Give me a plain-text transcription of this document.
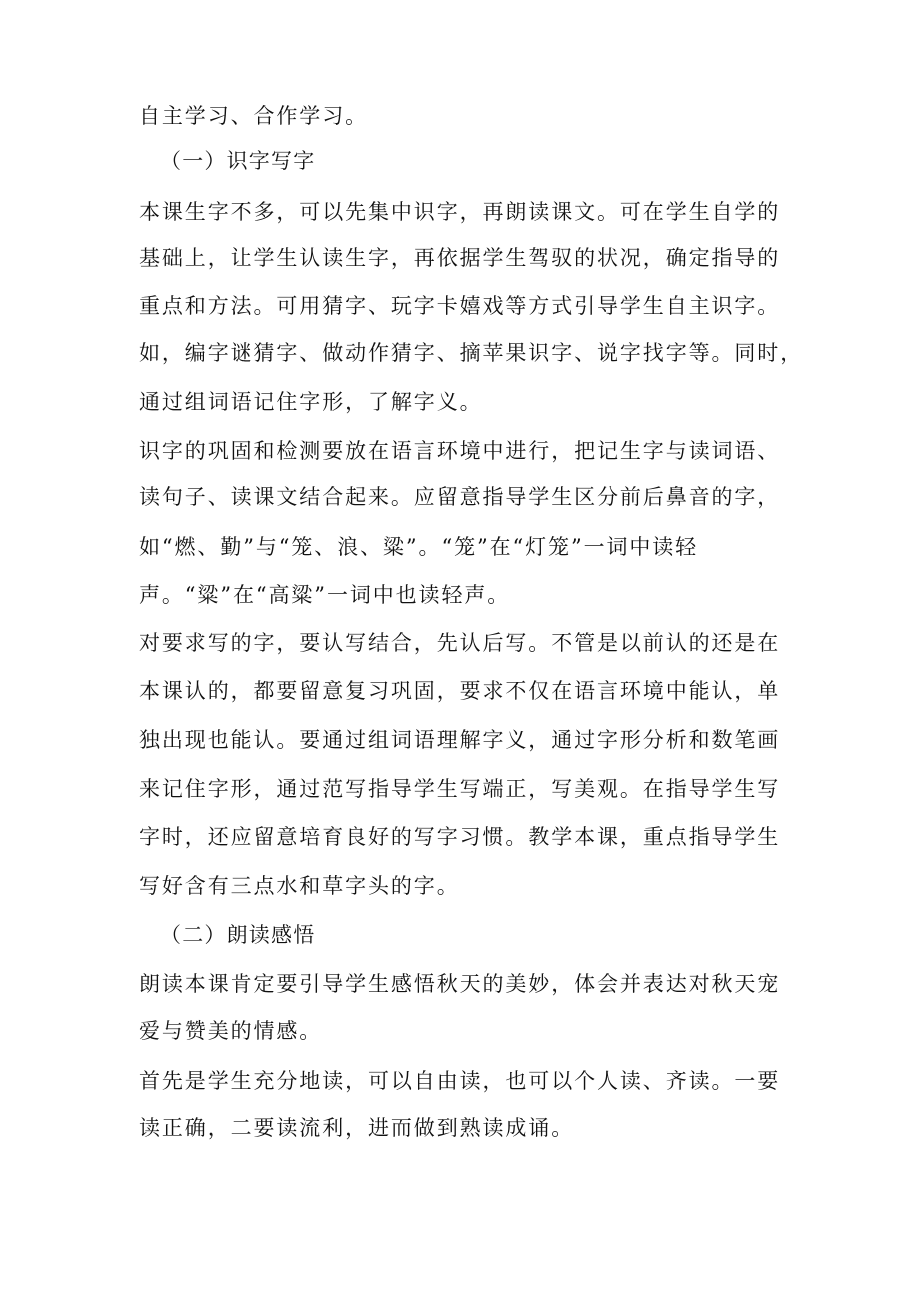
自主学习、合作学习。
（一）识字写字
本课生字不多，可以先集中识字，再朗读课文。可在学生自学的
基础上，让学生认读生字，再依据学生驾驭的状况，确定指导的
重点和方法。可用猜字、玩字卡嬉戏等方式引导学生自主识字。
如，编字谜猜字、做动作猜字、摘苹果识字、说字找字等。同时，
通过组词语记住字形，了解字义。
识字的巩固和检测要放在语言环境中进行，把记生字与读词语、
读句子、读课文结合起来。应留意指导学生区分前后鼻音的字，
如“燃、勤”与“笼、浪、粱”。“笼”在“灯笼”一词中读轻
声。“粱”在“高粱”一词中也读轻声。
对要求写的字，要认写结合，先认后写。不管是以前认的还是在
本课认的，都要留意复习巩固，要求不仅在语言环境中能认，单
独出现也能认。要通过组词语理解字义，通过字形分析和数笔画
来记住字形，通过范写指导学生写端正，写美观。在指导学生写
字时，还应留意培育良好的写字习惯。教学本课，重点指导学生
写好含有三点水和草字头的字。
（二）朗读感悟
朗读本课肯定要引导学生感悟秋天的美妙，体会并表达对秋天宠
爱与赞美的情感。
首先是学生充分地读，可以自由读，也可以个人读、齐读。一要
读正确，二要读流利，进而做到熟读成诵。
